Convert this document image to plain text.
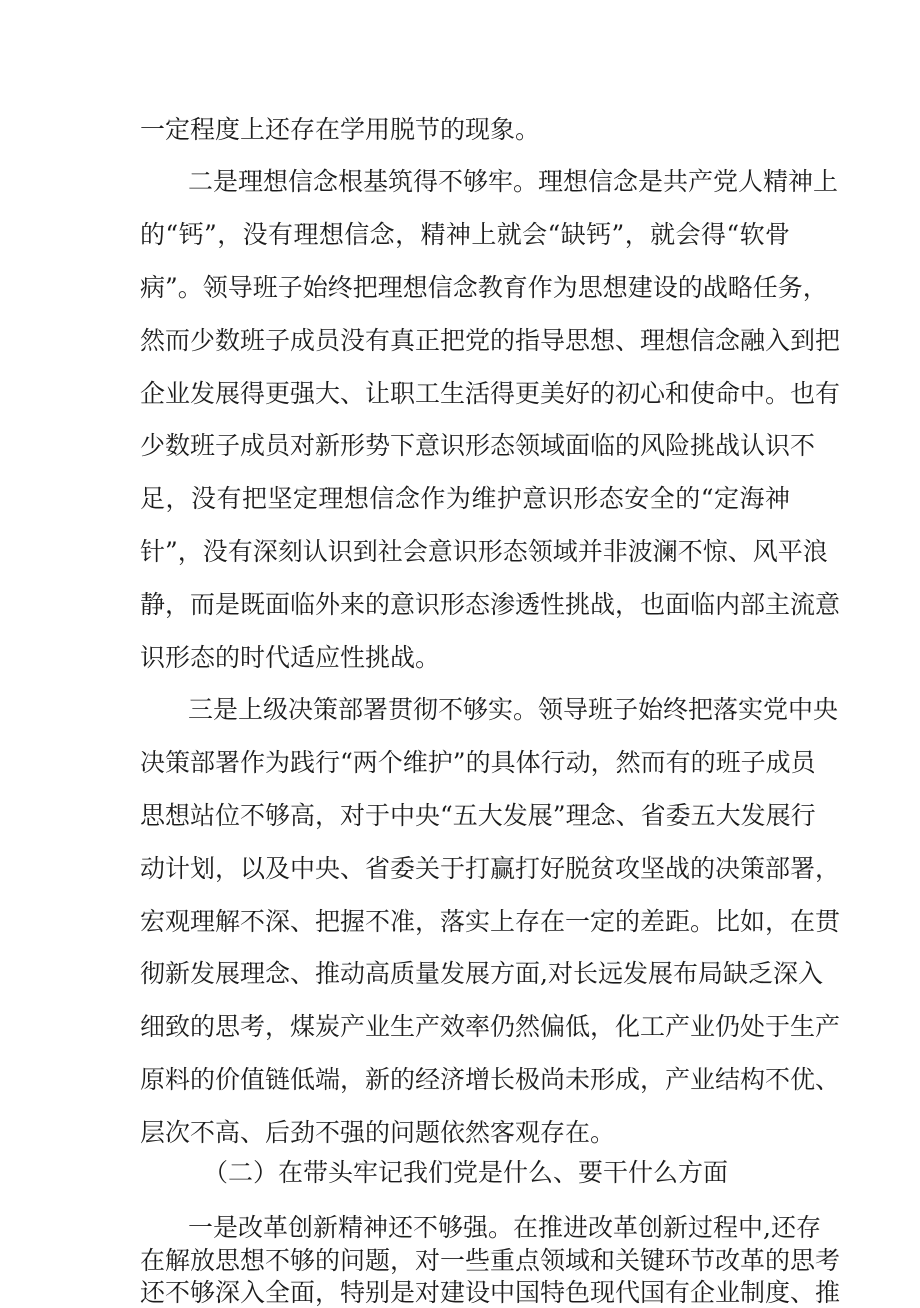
一定程度上还存在学用脱节的现象。
二是理想信念根基筑得不够牢。理想信念是共产党人精神上
的“钙”，没有理想信念，精神上就会“缺钙”，就会得“软骨
病”。领导班子始终把理想信念教育作为思想建设的战略任务，
然而少数班子成员没有真正把党的指导思想、理想信念融入到把
企业发展得更强大、让职工生活得更美好的初心和使命中。也有
少数班子成员对新形势下意识形态领域面临的风险挑战认识不
足，没有把坚定理想信念作为维护意识形态安全的“定海神
针”，没有深刻认识到社会意识形态领域并非波澜不惊、风平浪
静，而是既面临外来的意识形态渗透性挑战，也面临内部主流意
识形态的时代适应性挑战。
三是上级决策部署贯彻不够实。领导班子始终把落实党中央
决策部署作为践行“两个维护”的具体行动，然而有的班子成员
思想站位不够高，对于中央“五大发展”理念、省委五大发展行
动计划，以及中央、省委关于打赢打好脱贫攻坚战的决策部署，
宏观理解不深、把握不准，落实上存在一定的差距。比如，在贯
彻新发展理念、推动高质量发展方面,对长远发展布局缺乏深入
细致的思考，煤炭产业生产效率仍然偏低，化工产业仍处于生产
原料的价值链低端，新的经济增长极尚未形成，产业结构不优、
层次不高、后劲不强的问题依然客观存在。
（二）在带头牢记我们党是什么、要干什么方面
一是改革创新精神还不够强。在推进改革创新过程中,还存
在解放思想不够的问题，对一些重点领域和关键环节改革的思考
还不够深入全面，特别是对建设中国特色现代国有企业制度、推
